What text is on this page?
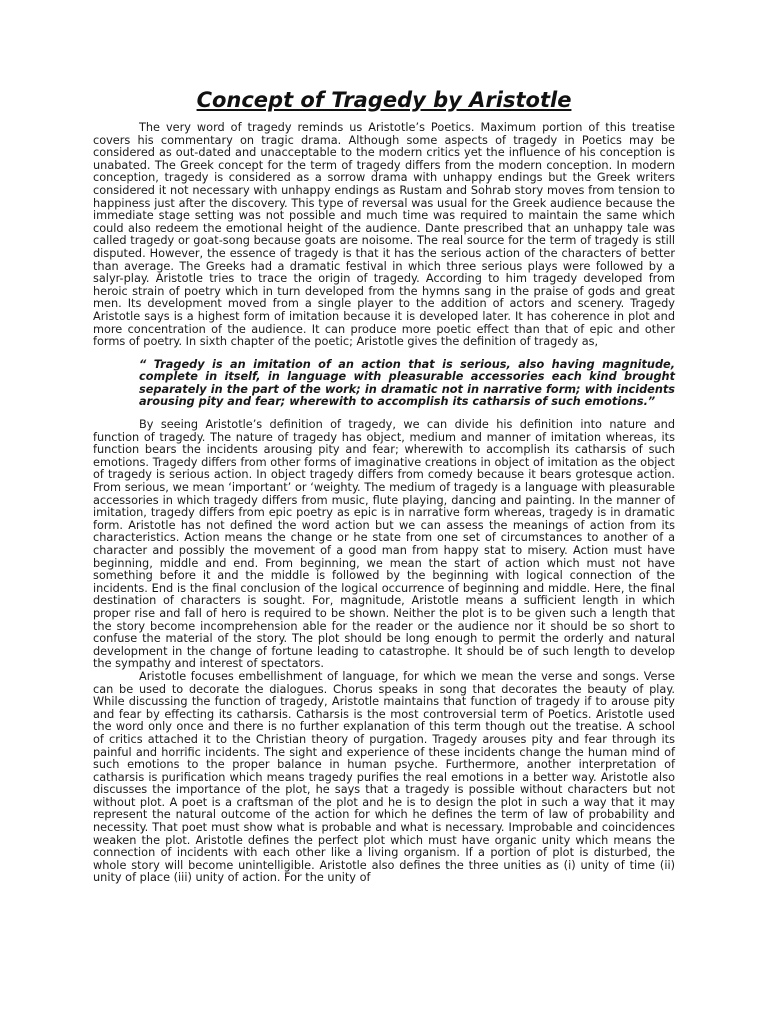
Concept of Tragedy by Aristotle

The very word of tragedy reminds us Aristotle’s Poetics. Maximum portion of this treatise covers his commentary on tragic drama. Although some aspects of tragedy in Poetics may be considered as out-dated and unacceptable to the modern critics yet the influence of his conception is unabated. The Greek concept for the term of tragedy differs from the modern conception. In modern conception, tragedy is considered as a sorrow drama with unhappy endings but the Greek writers considered it not necessary with unhappy endings as Rustam and Sohrab story moves from tension to happiness just after the discovery. This type of reversal was usual for the Greek audience because the immediate stage setting was not possible and much time was required to maintain the same which could also redeem the emotional height of the audience. Dante prescribed that an unhappy tale was called tragedy or goat-song because goats are noisome. The real source for the term of tragedy is still disputed. However, the essence of tragedy is that it has the serious action of the characters of better than average. The Greeks had a dramatic festival in which three serious plays were followed by a salyr-play. Aristotle tries to trace the origin of tragedy. According to him tragedy developed from heroic strain of poetry which in turn developed from the hymns sang in the praise of gods and great men. Its development moved from a single player to the addition of actors and scenery. Tragedy Aristotle says is a highest form of imitation because it is developed later. It has coherence in plot and more concentration of the audience. It can produce more poetic effect than that of epic and other forms of poetry. In sixth chapter of the poetic; Aristotle gives the definition of tragedy as,

“ Tragedy is an imitation of an action that is serious, also having magnitude, complete in itself, in language with pleasurable accessories each kind brought separately in the part of the work; in dramatic not in narrative form; with incidents arousing pity and fear; wherewith to accomplish its catharsis of such emotions.”

By seeing Aristotle’s definition of tragedy, we can divide his definition into nature and function of tragedy. The nature of tragedy has object, medium and manner of imitation whereas, its function bears the incidents arousing pity and fear; wherewith to accomplish its catharsis of such emotions. Tragedy differs from other forms of imaginative creations in object of imitation as the object of tragedy is serious action. In object tragedy differs from comedy because it bears grotesque action. From serious, we mean ‘important’ or ‘weighty. The medium of tragedy is a language with pleasurable accessories in which tragedy differs from music, flute playing, dancing and painting. In the manner of imitation, tragedy differs from epic poetry as epic is in narrative form whereas, tragedy is in dramatic form. Aristotle has not defined the word action but we can assess the meanings of action from its characteristics. Action means the change or he state from one set of circumstances to another of a character and possibly the movement of a good man from happy stat to misery. Action must have beginning, middle and end. From beginning, we mean the start of action which must not have something before it and the middle is followed by the beginning with logical connection of the incidents. End is the final conclusion of the logical occurrence of beginning and middle. Here, the final destination of characters is sought. For, magnitude, Aristotle means a sufficient length in which proper rise and fall of hero is required to be shown. Neither the plot is to be given such a length that the story become incomprehension able for the reader or the audience nor it should be so short to confuse the material of the story. The plot should be long enough to permit the orderly and natural development in the change of fortune leading to catastrophe. It should be of such length to develop the sympathy and interest of spectators.

Aristotle focuses embellishment of language, for which we mean the verse and songs. Verse can be used to decorate the dialogues. Chorus speaks in song that decorates the beauty of play. While discussing the function of tragedy, Aristotle maintains that function of tragedy if to arouse pity and fear by effecting its catharsis. Catharsis is the most controversial term of Poetics. Aristotle used the word only once and there is no further explanation of this term though out the treatise. A school of critics attached it to the Christian theory of purgation. Tragedy arouses pity and fear through its painful and horrific incidents. The sight and experience of these incidents change the human mind of such emotions to the proper balance in human psyche. Furthermore, another interpretation of catharsis is purification which means tragedy purifies the real emotions in a better way. Aristotle also discusses the importance of the plot, he says that a tragedy is possible without characters but not without plot. A poet is a craftsman of the plot and he is to design the plot in such a way that it may represent the natural outcome of the action for which he defines the term of law of probability and necessity. That poet must show what is probable and what is necessary. Improbable and coincidences weaken the plot. Aristotle defines the perfect plot which must have organic unity which means the connection of incidents with each other like a living organism. If a portion of plot is disturbed, the whole story will become unintelligible. Aristotle also defines the three unities as (i) unity of time (ii) unity of place (iii) unity of action. For the unity of
